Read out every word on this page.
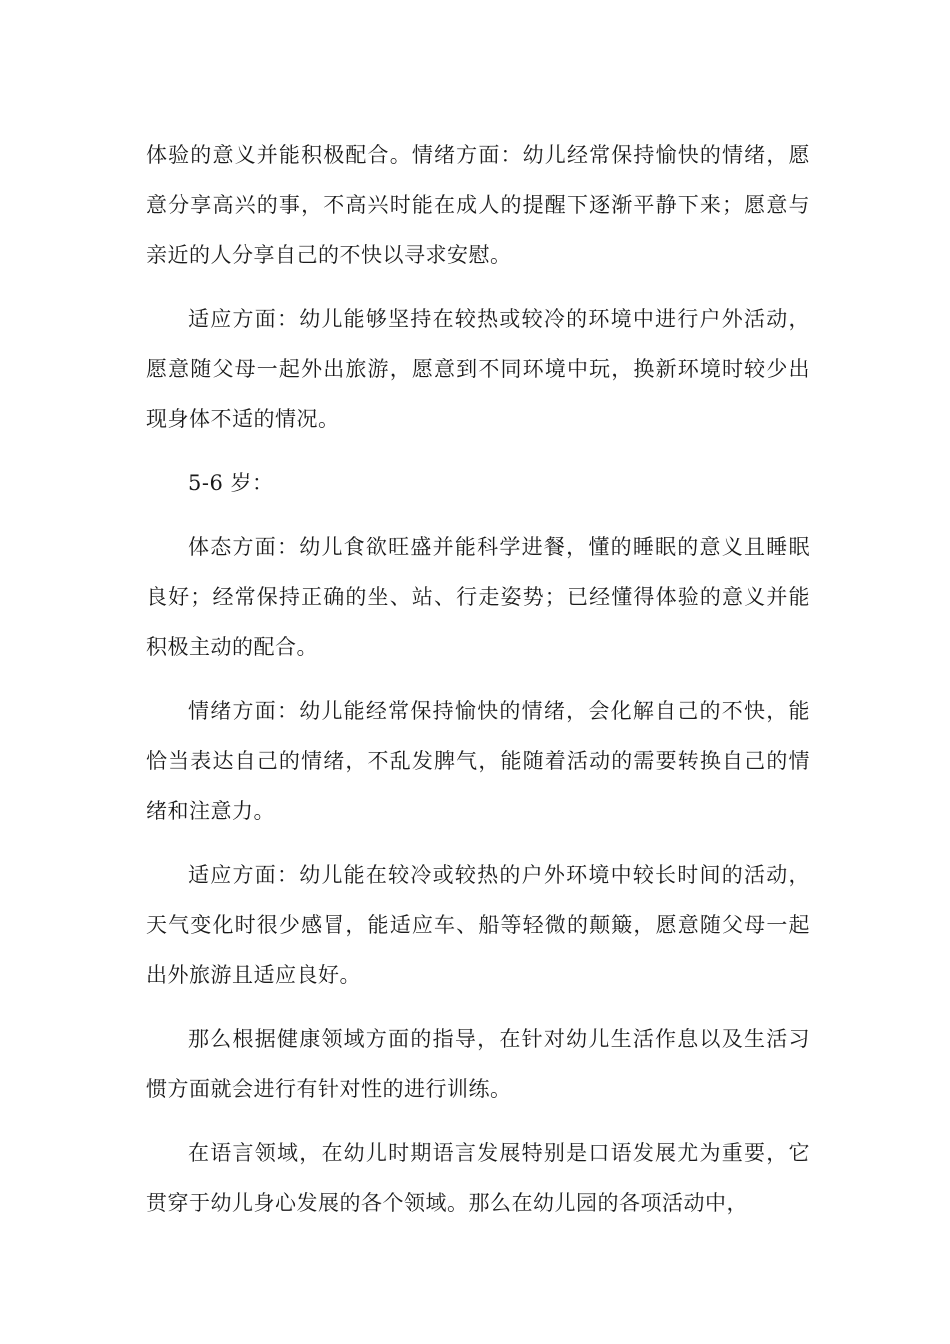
体验的意义并能积极配合。情绪方面：幼儿经常保持愉快的情绪，愿意分享高兴的事，不高兴时能在成人的提醒下逐渐平静下来；愿意与亲近的人分享自己的不快以寻求安慰。

适应方面：幼儿能够坚持在较热或较冷的环境中进行户外活动，愿意随父母一起外出旅游，愿意到不同环境中玩，换新环境时较少出现身体不适的情况。

5-6 岁：

体态方面：幼儿食欲旺盛并能科学进餐，懂的睡眠的意义且睡眠良好；经常保持正确的坐、站、行走姿势；已经懂得体验的意义并能积极主动的配合。

情绪方面：幼儿能经常保持愉快的情绪，会化解自己的不快，能恰当表达自己的情绪，不乱发脾气，能随着活动的需要转换自己的情绪和注意力。

适应方面：幼儿能在较冷或较热的户外环境中较长时间的活动，天气变化时很少感冒，能适应车、船等轻微的颠簸，愿意随父母一起出外旅游且适应良好。

那么根据健康领域方面的指导，在针对幼儿生活作息以及生活习惯方面就会进行有针对性的进行训练。

在语言领域，在幼儿时期语言发展特别是口语发展尤为重要，它贯穿于幼儿身心发展的各个领域。那么在幼儿园的各项活动中，
